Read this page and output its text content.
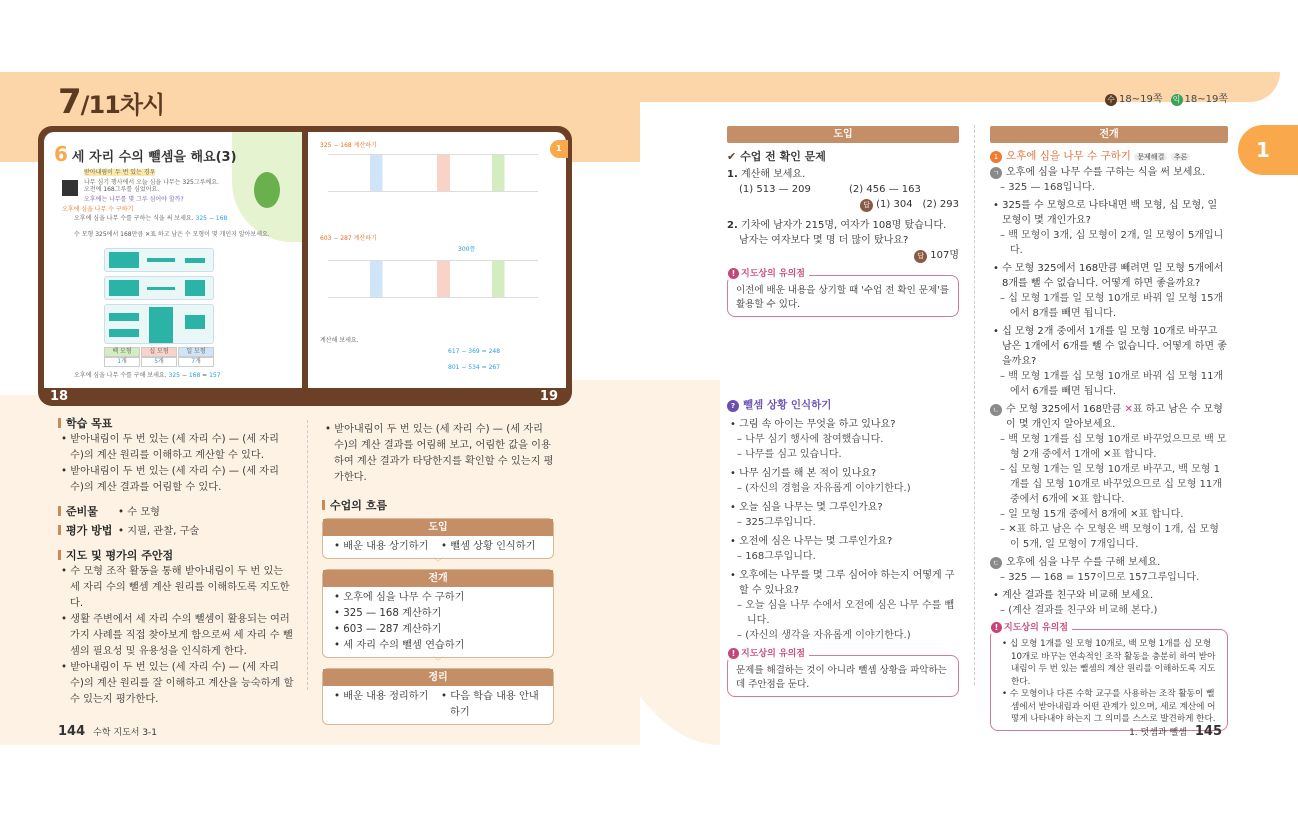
7/11차시	수 18~19쪽 익 18~19쪽
1
6 세 자리 수의 뺄셈을 해요(3)
받아내림이 두 번 있는 경우
나무 심기 행사에서 오늘 심을 나무는 325그루예요. 오전에 168그루를 심었어요.
오후에는 나무를 몇 그루 심어야 할까?
오후에 심을 나무 수 구하기
오후에 심을 나무 수를 구하는 식을 써 보세요. 325 − 168
수 모형 325에서 168만큼 ✕표 하고 남은 수 모형이 몇 개인지 알아보세요.
백 모형	십 모형	일 모형
1개	5개	7개
오후에 심을 나무 수를 구해 보세요. 325 − 168 = 157
18
325 − 168 계산하기
603 − 287 계산하기
300쯤
계산해 보세요.
617 − 369 = 248
801 − 534 = 267
1
19
학습 목표
• 받아내림이 두 번 있는 (세 자리 수) — (세 자리 수)의 계산 원리를 이해하고 계산할 수 있다.
• 받아내림이 두 번 있는 (세 자리 수) — (세 자리 수)의 계산 결과를 어림할 수 있다.
준비물 • 수 모형
평가 방법 • 지필, 관찰, 구술
지도 및 평가의 주안점
• 수 모형 조작 활동을 통해 받아내림이 두 번 있는 세 자리 수의 뺄셈 계산 원리를 이해하도록 지도한다.
• 생활 주변에서 세 자리 수의 뺄셈이 활용되는 여러 가지 사례를 직접 찾아보게 함으로써 세 자리 수 뺄셈의 필요성 및 유용성을 인식하게 한다.
• 받아내림이 두 번 있는 (세 자리 수) — (세 자리 수)의 계산 원리를 잘 이해하고 계산을 능숙하게 할 수 있는지 평가한다.
• 받아내림이 두 번 있는 (세 자리 수) — (세 자리 수)의 계산 결과를 어림해 보고, 어림한 값을 이용하여 계산 결과가 타당한지를 확인할 수 있는지 평가한다.
수업의 흐름
도입
• 배운 내용 상기하기	• 뺄셈 상황 인식하기
﹀
전개
• 오후에 심을 나무 수 구하기
• 325 — 168 계산하기
• 603 — 287 계산하기
• 세 자리 수의 뺄셈 연습하기
﹀
정리
• 배운 내용 정리하기	• 다음 학습 내용 안내하기
도입
✔ 수업 전 확인 문제
1. 계산해 보세요.
(1) 513 — 209	(2) 456 — 163
답 (1) 304　(2) 293
2. 기차에 남자가 215명, 여자가 108명 탔습니다. 남자는 여자보다 몇 명 더 많이 탔나요?
답 107명
! 지도상의 유의점
이전에 배운 내용을 상기할 때 '수업 전 확인 문제'를 활용할 수 있다.
? 뺄셈 상황 인식하기
• 그림 속 아이는 무엇을 하고 있나요?
– 나무 심기 행사에 참여했습니다.
– 나무를 심고 있습니다.
• 나무 심기를 해 본 적이 있나요?
– (자신의 경험을 자유롭게 이야기한다.)
• 오늘 심을 나무는 몇 그루인가요?
– 325그루입니다.
• 오전에 심은 나무는 몇 그루인가요?
– 168그루입니다.
• 오후에는 나무를 몇 그루 심어야 하는지 어떻게 구할 수 있나요?
– 오늘 심을 나무 수에서 오전에 심은 나무 수를 뺍니다.
– (자신의 생각을 자유롭게 이야기한다.)
! 지도상의 유의점
문제를 해결하는 것이 아니라 뺄셈 상황을 파악하는 데 주안점을 둔다.
전개
1 오후에 심을 나무 수 구하기 문제해결 추론
ㄱ 오후에 심을 나무 수를 구하는 식을 써 보세요.
– 325 — 168입니다.
• 325를 수 모형으로 나타내면 백 모형, 십 모형, 일 모형이 몇 개인가요?
– 백 모형이 3개, 십 모형이 2개, 일 모형이 5개입니다.
• 수 모형 325에서 168만큼 빼려면 일 모형 5개에서 8개를 뺄 수 없습니다. 어떻게 하면 좋을까요?
– 십 모형 1개를 일 모형 10개로 바꿔 일 모형 15개에서 8개를 빼면 됩니다.
• 십 모형 2개 중에서 1개를 일 모형 10개로 바꾸고 남은 1개에서 6개를 뺄 수 없습니다. 어떻게 하면 좋을까요?
– 백 모형 1개를 십 모형 10개로 바꿔 십 모형 11개에서 6개를 빼면 됩니다.
ㄴ 수 모형 325에서 168만큼 ✕표 하고 남은 수 모형이 몇 개인지 알아보세요.
– 백 모형 1개를 십 모형 10개로 바꾸었으므로 백 모형 2개 중에서 1개에 ✕표 합니다.
– 십 모형 1개는 일 모형 10개로 바꾸고, 백 모형 1개를 십 모형 10개로 바꾸었으므로 십 모형 11개 중에서 6개에 ✕표 합니다.
– 일 모형 15개 중에서 8개에 ✕표 합니다.
– ✕표 하고 남은 수 모형은 백 모형이 1개, 십 모형이 5개, 일 모형이 7개입니다.
ㄷ 오후에 심을 나무 수를 구해 보세요.
– 325 — 168 = 157이므로 157그루입니다.
• 계산 결과를 친구와 비교해 보세요.
– (계산 결과를 친구와 비교해 본다.)
! 지도상의 유의점
• 십 모형 1개를 일 모형 10개로, 백 모형 1개를 십 모형 10개로 바꾸는 연속적인 조작 활동을 충분히 하여 받아내림이 두 번 있는 뺄셈의 계산 원리를 이해하도록 지도한다.
• 수 모형이나 다른 수학 교구를 사용하는 조작 활동이 뺄셈에서 받아내림과 어떤 관계가 있으며, 세로 계산에 어떻게 나타내야 하는지 그 의미를 스스로 발견하게 한다.
144 수학 지도서 3-1	1. 덧셈과 뺄셈 145
